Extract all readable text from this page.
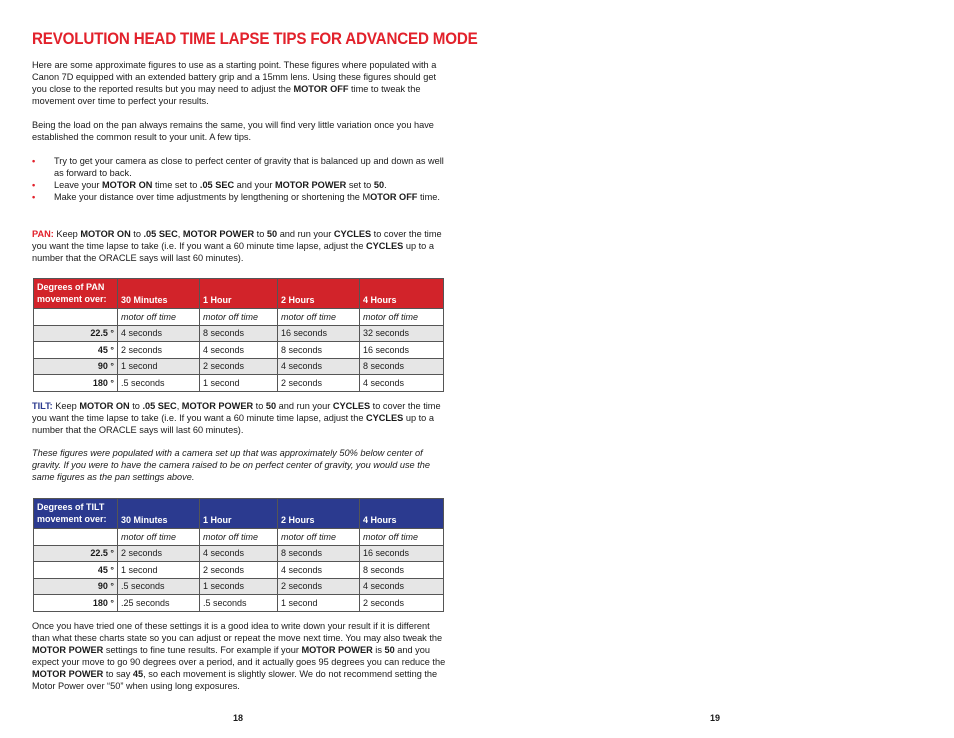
REVOLUTION HEAD TIME LAPSE TIPS FOR ADVANCED MODE

Here are some approximate figures to use as a starting point. These figures where populated with a Canon 7D equipped with an extended battery grip and a 15mm lens. Using these figures should get you close to the reported results but you may need to adjust the MOTOR OFF time to tweak the movement over time to perfect your results.

Being the load on the pan always remains the same, you will find very little variation once you have established the common result to your unit. A few tips.

• Try to get your camera as close to perfect center of gravity that is balanced up and down as well as forward to back.
• Leave your MOTOR ON time set to .05 SEC and your MOTOR POWER set to 50.
• Make your distance over time adjustments by lengthening or shortening the MOTOR OFF time.

PAN: Keep MOTOR ON to .05 SEC, MOTOR POWER to 50 and run your CYCLES to cover the time you want the time lapse to take (i.e. If you want a 60 minute time lapse, adjust the CYCLES up to a number that the ORACLE says will last 60 minutes).

Degrees of PAN movement over:	30 Minutes	1 Hour	2 Hours	4 Hours
	motor off time	motor off time	motor off time	motor off time
22.5 °	4 seconds	8 seconds	16 seconds	32 seconds
45 °	2 seconds	4 seconds	8 seconds	16 seconds
90 °	1 second	2 seconds	4 seconds	8 seconds
180 °	.5 seconds	1 second	2 seconds	4 seconds

TILT: Keep MOTOR ON to .05 SEC, MOTOR POWER to 50 and run your CYCLES to cover the time you want the time lapse to take (i.e. If you want a 60 minute time lapse, adjust the CYCLES up to a number that the ORACLE says will last 60 minutes).

These figures were populated with a camera set up that was approximately 50% below center of gravity. If you were to have the camera raised to be on perfect center of gravity, you would use the same figures as the pan settings above.

Degrees of TILT movement over:	30 Minutes	1 Hour	2 Hours	4 Hours
	motor off time	motor off time	motor off time	motor off time
22.5 °	2 seconds	4 seconds	8 seconds	16 seconds
45 °	1 second	2 seconds	4 seconds	8 seconds
90 °	.5 seconds	1 seconds	2 seconds	4 seconds
180 °	.25 seconds	.5 seconds	1 second	2 seconds

Once you have tried one of these settings it is a good idea to write down your result if it is different than what these charts state so you can adjust or repeat the move next time. You may also tweak the MOTOR POWER settings to fine tune results. For example if your MOTOR POWER is 50 and you expect your move to go 90 degrees over a period, and it actually goes 95 degrees you can reduce the MOTOR POWER to say 45, so each movement is slightly slower. We do not recommend setting the Motor Power over “50” when using long exposures.

18	19
